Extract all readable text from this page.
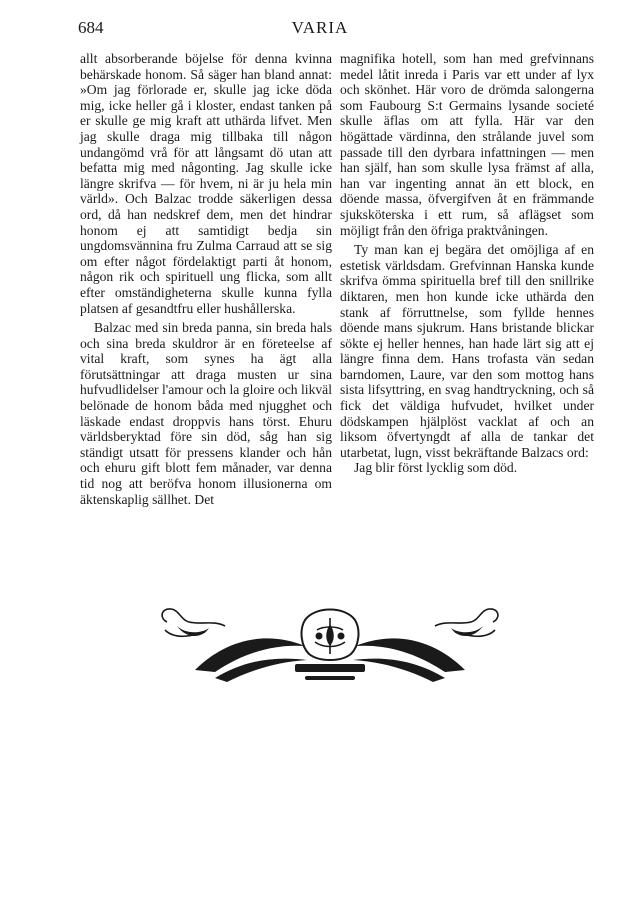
684	VARIA

allt absorberande böjelse för denna kvinna behärskade honom. Så säger han bland annat: »Om jag förlorade er, skulle jag icke döda mig, icke heller gå i kloster, endast tanken på er skulle ge mig kraft att uthärda lifvet. Men jag skulle draga mig tillbaka till någon undangömd vrå för att långsamt dö utan att befatta mig med någonting. Jag skulle icke längre skrifva — för hvem, ni är ju hela min värld». Och Balzac trodde säkerligen dessa ord, då han nedskref dem, men det hindrar honom ej att samtidigt bedja sin ungdomsvännina fru Zulma Carraud att se sig om efter något fördelaktigt parti åt honom, någon rik och spirituell ung flicka, som allt efter omständigheterna skulle kunna fylla platsen af gesandtfru eller hushållerska.

Balzac med sin breda panna, sin breda hals och sina breda skuldror är en företeelse af vital kraft, som synes ha ägt alla förutsättningar att draga musten ur sina hufvudlidelser l'amour och la gloire och likväl belönade de honom båda med njugghet och läskade endast droppvis hans törst. Ehuru världsberyktad före sin död, såg han sig ständigt utsatt för pressens klander och hån och ehuru gift blott fem månader, var denna tid nog att beröfva honom illusionerna om äktenskaplig sällhet. Det

magnifika hotell, som han med grefvinnans medel låtit inreda i Paris var ett under af lyx och skönhet. Här voro de drömda salongerna som Faubourg S:t Germains lysande societé skulle äflas om att fylla. Här var den högättade värdinna, den strålande juvel som passade till den dyrbara infattningen — men han själf, han som skulle lysa främst af alla, han var ingenting annat än ett block, en döende massa, öfvergifven åt en främmande sjuksköterska i ett rum, så aflägset som möjligt från den öfriga praktvåningen.

Ty man kan ej begära det omöjliga af en estetisk världsdam. Grefvinnan Hanska kunde skrifva ömma spirituella bref till den snillrike diktaren, men hon kunde icke uthärda den stank af förruttnelse, som fyllde hennes döende mans sjukrum. Hans bristande blickar sökte ej heller hennes, han hade lärt sig att ej längre finna dem. Hans trofasta vän sedan barndomen, Laure, var den som mottog hans sista lifsyttring, en svag handtryckning, och så fick det väldiga hufvudet, hvilket under dödskampen hjälplöst vacklat af och an liksom öfvertyngdt af alla de tankar det utarbetat, lugn, visst bekräftande Balzacs ord:

Jag blir först lycklig som död.
